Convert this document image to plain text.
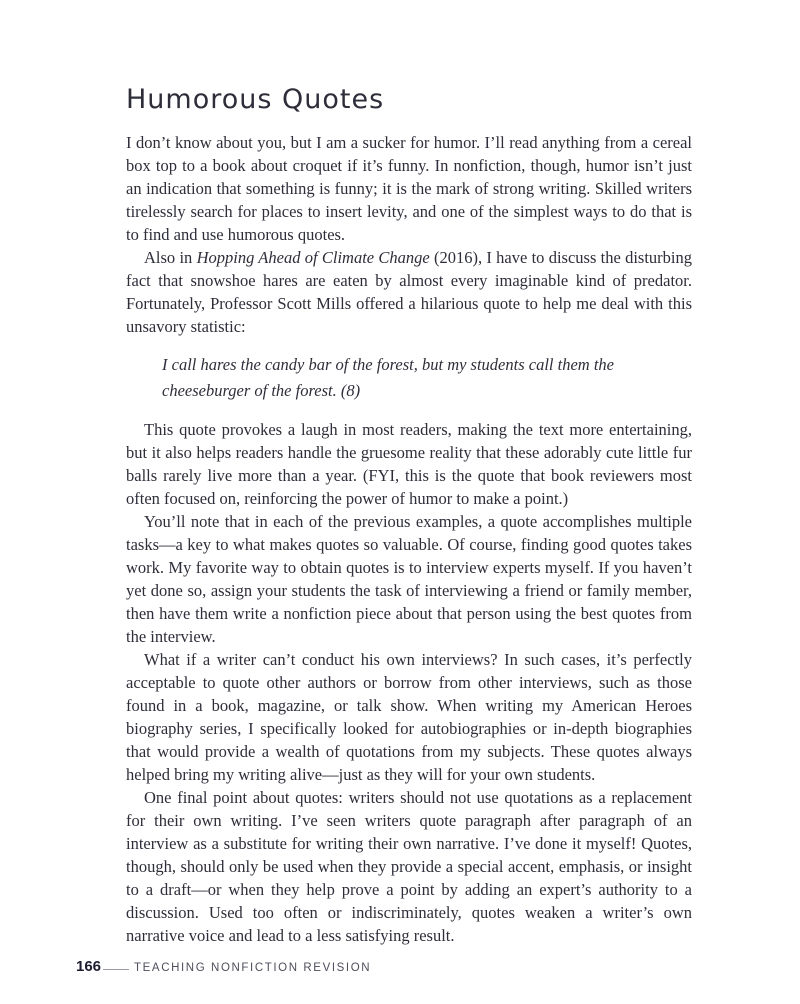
Humorous Quotes

I don’t know about you, but I am a sucker for humor. I’ll read anything from a cereal box top to a book about croquet if it’s funny. In nonfiction, though, humor isn’t just an indication that something is funny; it is the mark of strong writing. Skilled writers tirelessly search for places to insert levity, and one of the simplest ways to do that is to find and use humorous quotes.

Also in Hopping Ahead of Climate Change (2016), I have to discuss the disturbing fact that snowshoe hares are eaten by almost every imaginable kind of predator. Fortunately, Professor Scott Mills offered a hilarious quote to help me deal with this unsavory statistic:

I call hares the candy bar of the forest, but my students call them the
cheeseburger of the forest. (8)

This quote provokes a laugh in most readers, making the text more entertaining, but it also helps readers handle the gruesome reality that these adorably cute little fur balls rarely live more than a year. (FYI, this is the quote that book reviewers most often focused on, reinforcing the power of humor to make a point.)

You’ll note that in each of the previous examples, a quote accomplishes multiple tasks—a key to what makes quotes so valuable. Of course, finding good quotes takes work. My favorite way to obtain quotes is to interview experts myself. If you haven’t yet done so, assign your students the task of interviewing a friend or family member, then have them write a nonfiction piece about that person using the best quotes from the interview.

What if a writer can’t conduct his own interviews? In such cases, it’s perfectly acceptable to quote other authors or borrow from other interviews, such as those found in a book, magazine, or talk show. When writing my American Heroes biography series, I specifically looked for autobiographies or in-depth biographies that would provide a wealth of quotations from my subjects. These quotes always helped bring my writing alive—just as they will for your own students.

One final point about quotes: writers should not use quotations as a replacement for their own writing. I’ve seen writers quote paragraph after paragraph of an interview as a substitute for writing their own narrative. I’ve done it myself! Quotes, though, should only be used when they provide a special accent, emphasis, or insight to a draft—or when they help prove a point by adding an expert’s authority to a discussion. Used too often or indiscriminately, quotes weaken a writer’s own narrative voice and lead to a less satisfying result.

166	TEACHING NONFICTION REVISION
